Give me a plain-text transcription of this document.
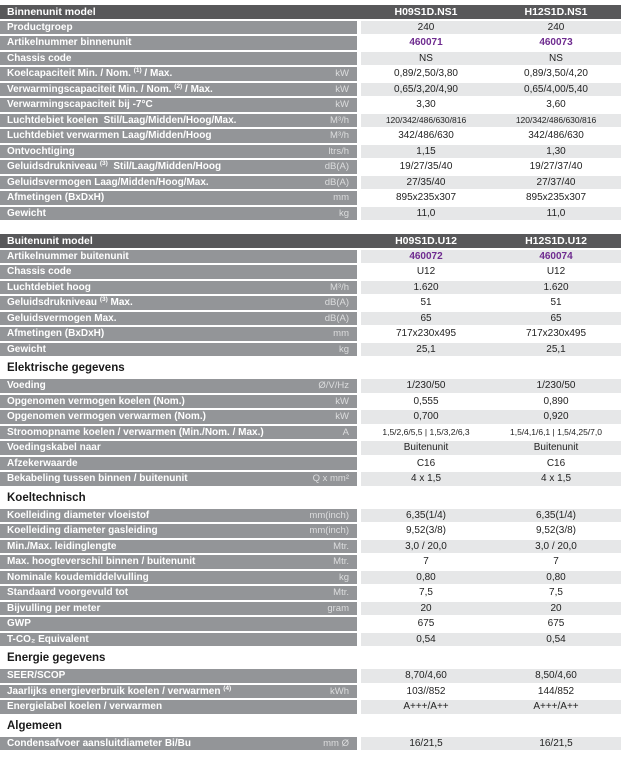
Binnenunit model	H09S1D.NS1	H12S1D.NS1
Productgroep	240	240
Artikelnummer binnenunit	460071	460073
Chassis code	NS	NS
Koelcapaciteit Min. / Nom. (1) / Max.	kW	0,89/2,50/3,80	0,89/3,50/4,20
Verwarmingscapaciteit Min. / Nom. (2) / Max.	kW	0,65/3,20/4,90	0,65/4,00/5,40
Verwarmingscapaciteit bij -7°C	kW	3,30	3,60
Luchtdebiet koelen  Stil/Laag/Midden/Hoog/Max.	M³/h	120/342/486/630/816	120/342/486/630/816
Luchtdebiet verwarmen Laag/Midden/Hoog	M³/h	342/486/630	342/486/630
Ontvochtiging	ltrs/h	1,15	1,30
Geluidsdrukniveau (3) Stil/Laag/Midden/Hoog	dB(A)	19/27/35/40	19/27/37/40
Geluidsvermogen Laag/Midden/Hoog/Max.	dB(A)	27/35/40	27/37/40
Afmetingen (BxDxH)	mm	895x235x307	895x235x307
Gewicht	kg	11,0	11,0
Buitenunit model	H09S1D.U12	H12S1D.U12
Artikelnummer buitenunit	460072	460074
Chassis code	U12	U12
Luchtdebiet hoog	M³/h	1.620	1.620
Geluidsdrukniveau (3) Max.	dB(A)	51	51
Geluidsvermogen Max.	dB(A)	65	65
Afmetingen (BxDxH)	mm	717x230x495	717x230x495
Gewicht	kg	25,1	25,1
Elektrische gegevens
Voeding	Ø/V/Hz	1/230/50	1/230/50
Opgenomen vermogen koelen (Nom.)	kW	0,555	0,890
Opgenomen vermogen verwarmen (Nom.)	kW	0,700	0,920
Stroomopname koelen / verwarmen (Min./Nom. / Max.)	A	1,5/2,6/5,5 | 1,5/3,2/6,3	1,5/4,1/6,1 | 1,5/4,25/7,0
Voedingskabel naar	Buitenunit	Buitenunit
Afzekerwaarde	C16	C16
Bekabeling tussen binnen / buitenunit	Q x mm²	4 x 1,5	4 x 1,5
Koeltechnisch
Koelleiding diameter vloeistof	mm(inch)	6,35(1/4)	6,35(1/4)
Koelleiding diameter gasleiding	mm(inch)	9,52(3/8)	9,52(3/8)
Min./Max. leidinglengte	Mtr.	3,0 / 20,0	3,0 / 20,0
Max. hoogteverschil binnen / buitenunit	Mtr.	7	7
Nominale koudemiddelvulling	kg	0,80	0,80
Standaard voorgevuld tot	Mtr.	7,5	7,5
Bijvulling per meter	gram	20	20
GWP	675	675
T-CO₂ Equivalent	0,54	0,54
Energie gegevens
SEER/SCOP	8,70/4,60	8,50/4,60
Jaarlijks energieverbruik koelen / verwarmen (4)	kWh	103//852	144/852
Energielabel koelen / verwarmen	A+++/A++	A+++/A++
Algemeen
Condensafvoer aansluitdiameter Bi/Bu	mm Ø	16/21,5	16/21,5
